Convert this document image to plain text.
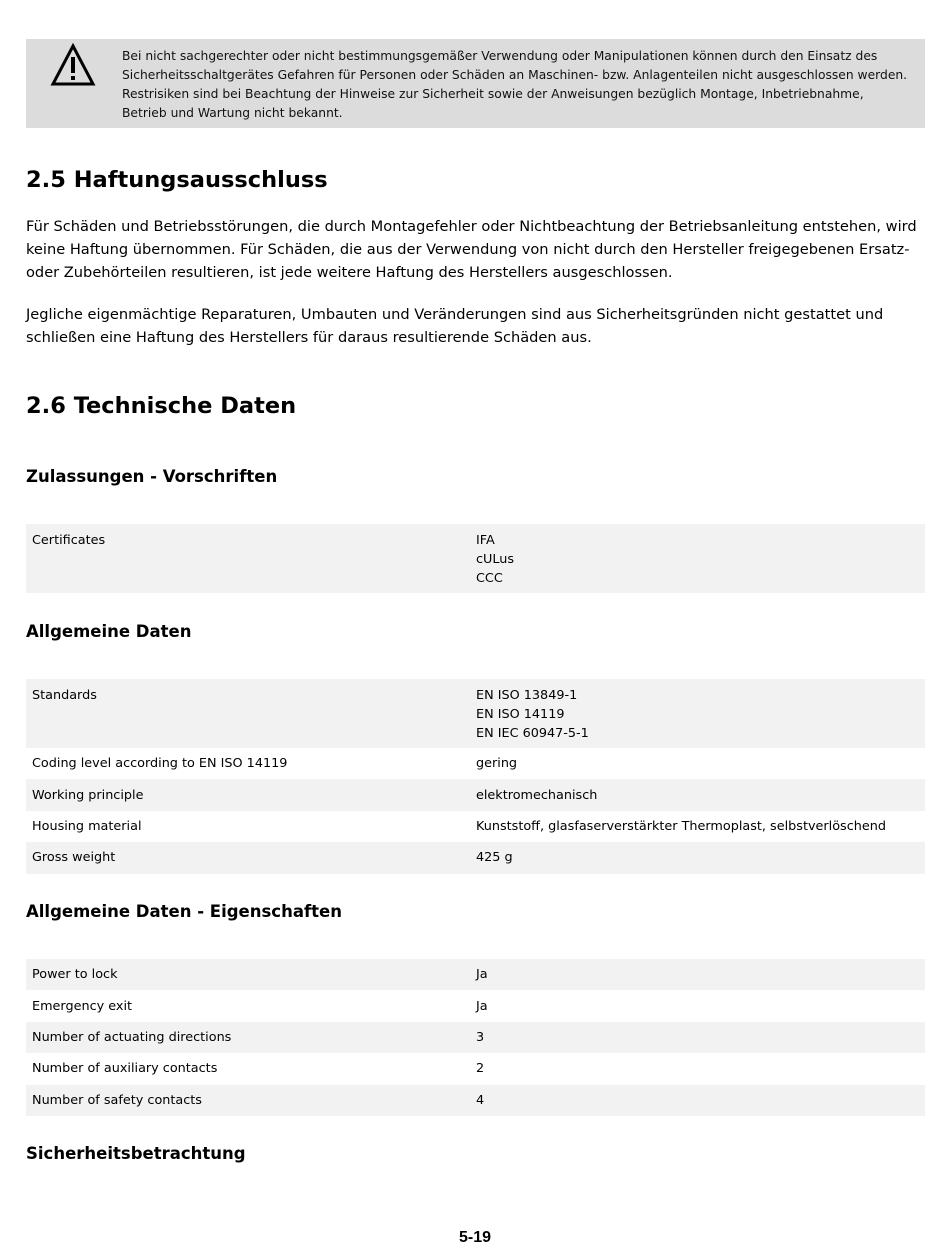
Bei nicht sachgerechter oder nicht bestimmungsgemäßer Verwendung oder Manipulationen können durch den Einsatz des
Sicherheitsschaltgerätes Gefahren für Personen oder Schäden an Maschinen- bzw. Anlagenteilen nicht ausgeschlossen werden.
Restrisiken sind bei Beachtung der Hinweise zur Sicherheit sowie der Anweisungen bezüglich Montage, Inbetriebnahme,
Betrieb und Wartung nicht bekannt.
2.5 Haftungsausschluss

Für Schäden und Betriebsstörungen, die durch Montagefehler oder Nichtbeachtung der Betriebsanleitung entstehen, wird keine Haftung übernommen. Für Schäden, die aus der Verwendung von nicht durch den Hersteller freigegebenen Ersatz- oder Zubehörteilen resultieren, ist jede weitere Haftung des Herstellers ausgeschlossen.

Jegliche eigenmächtige Reparaturen, Umbauten und Veränderungen sind aus Sicherheitsgründen nicht gestattet und schließen eine Haftung des Herstellers für daraus resultierende Schäden aus.

2.6 Technische Daten
Zulassungen - Vorschriften
Certificates	IFA
cULus
CCC
Allgemeine Daten
Standards	EN ISO 13849-1
EN ISO 14119
EN IEC 60947-5-1
Coding level according to EN ISO 14119	gering
Working principle	elektromechanisch
Housing material	Kunststoff, glasfaserverstärkter Thermoplast, selbstverlöschend
Gross weight	425 g
Allgemeine Daten - Eigenschaften
Power to lock	Ja
Emergency exit	Ja
Number of actuating directions	3
Number of auxiliary contacts	2
Number of safety contacts	4
Sicherheitsbetrachtung
5-19
